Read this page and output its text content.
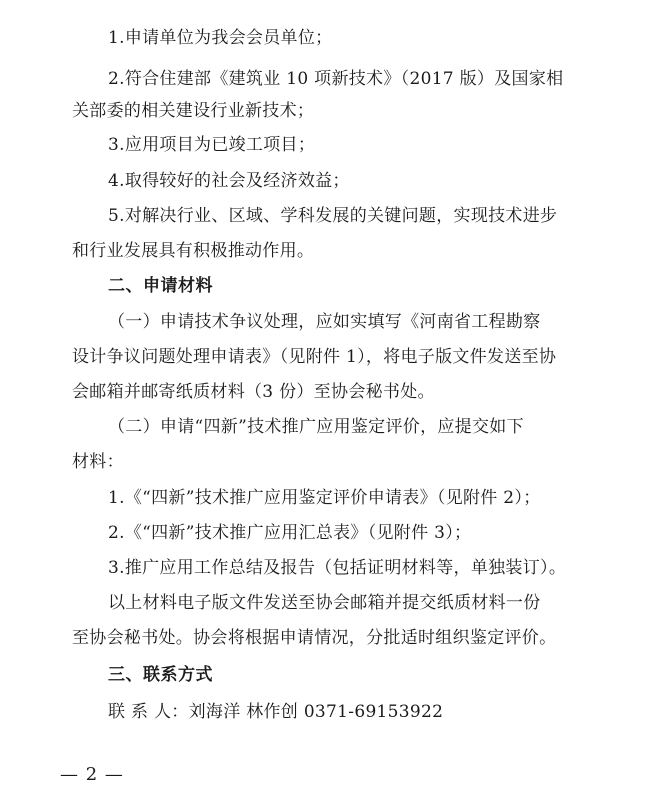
1.申请单位为我会会员单位；

2.符合住建部《建筑业 10 项新技术》（2017 版）及国家相

关部委的相关建设行业新技术；

3.应用项目为已竣工项目；

4.取得较好的社会及经济效益；

5.对解决行业、区域、学科发展的关键问题，实现技术进步

和行业发展具有积极推动作用。

二、申请材料

（一）申请技术争议处理，应如实填写《河南省工程勘察

设计争议问题处理申请表》（见附件 1），将电子版文件发送至协

会邮箱并邮寄纸质材料（3 份）至协会秘书处。

（二）申请“四新”技术推广应用鉴定评价，应提交如下

材料：

1.《“四新”技术推广应用鉴定评价申请表》（见附件 2）；

2.《“四新”技术推广应用汇总表》（见附件 3）；

3.推广应用工作总结及报告（包括证明材料等，单独装订）。

以上材料电子版文件发送至协会邮箱并提交纸质材料一份

至协会秘书处。协会将根据申请情况，分批适时组织鉴定评价。

三、联系方式

联 系 人：刘海洋 林作创 0371-69153922

— 2 —
